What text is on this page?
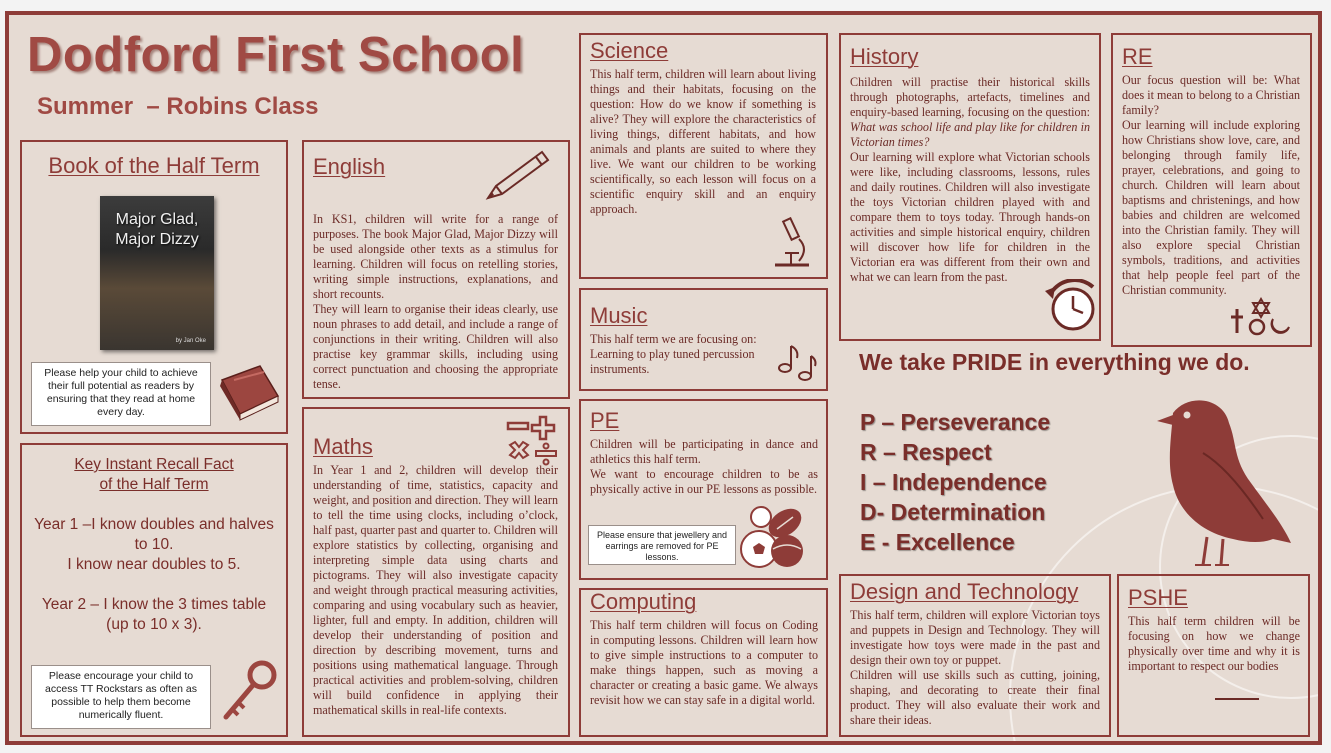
Dodford First School
Summer  – Robins Class
Book of the Half Term
Major Glad, Major Dizzy
by Jan Oke
Please help your child to achieve their full potential as readers by ensuring that they read at home every day.
Key Instant Recall Fact
of the Half Term
Year 1 –I know doubles and halves
to 10.
I know near doubles to 5.
Year 2 – I know the 3 times table
(up to 10 x 3).
Please encourage your child to access TT Rockstars as often as possible to help them become numerically fluent.
English

In KS1, children will write for a range of purposes. The book Major Glad, Major Dizzy will be used alongside other texts as a stimulus for learning. Children will focus on retelling stories, writing simple instructions, explanations, and short recounts.

They will learn to organise their ideas clearly, use noun phrases to add detail, and include a range of conjunctions in their writing. Children will also practise key grammar skills, including using correct punctuation and choosing the appropriate tense.

Maths

In Year 1 and 2, children will develop their understanding of time, statistics, capacity and weight, and position and direction. They will learn to tell the time using clocks, including o’clock, half past, quarter past and quarter to. Children will explore statistics by collecting, organising and interpreting simple data using charts and pictograms. They will also investigate capacity and weight through practical measuring activities, comparing and using vocabulary such as heavier, lighter, full and empty. In addition, children will develop their understanding of position and direction by describing movement, turns and positions using mathematical language. Through practical activities and problem-solving, children will build confidence in applying their mathematical skills in real-life contexts.

Science

This half term, children will learn about living things and their habitats, focusing on the question: How do we know if something is alive? They will explore the characteristics of living things, different habitats, and how animals and plants are suited to where they live. We want our children to be working scientifically, so each lesson will focus on a scientific enquiry skill and an enquiry approach.

Music

This half term we are focusing on:

Learning to play tuned percussion instruments.

PE

Children will be participating in dance and athletics this half term.

We want to encourage children to be as physically active in our PE lessons as possible.

Please ensure that jewellery and earrings are removed for PE lessons.
Computing

This half term children will focus on Coding in computing lessons. Children will learn how to give simple instructions to a computer to make things happen, such as moving a character or creating a basic game. We always revisit how we can stay safe in a digital world.

History

Children will practise their historical skills through photographs, artefacts, timelines and enquiry-based learning, focusing on the question: What was school life and play like for children in Victorian times?

Our learning will explore what Victorian schools were like, including classrooms, lessons, rules and daily routines. Children will also investigate the toys Victorian children played with and compare them to toys today. Through hands-on activities and simple historical enquiry, children will discover how life for children in the Victorian era was different from their own and what we can learn from the past.

RE

Our focus question will be: What does it mean to belong to a Christian family?

Our learning will include exploring how Christians show love, care, and belonging through family life, prayer, celebrations, and going to church. Children will learn about baptisms and christenings, and how babies and children are welcomed into the Christian family. They will also explore special Christian symbols, traditions, and activities that help people feel part of the Christian community.

We take PRIDE in everything we do.
P – Perseverance
R – Respect
I – Independence
D- Determination
E - Excellence
Design and Technology

This half term, children will explore Victorian toys and puppets in Design and Technology. They will investigate how toys were made in the past and design their own toy or puppet.

Children will use skills such as cutting, joining, shaping, and decorating to create their final product. They will also evaluate their work and share their ideas.

PSHE

This half term children will be focusing on how we change physically over time and why it is important to respect our bodies
